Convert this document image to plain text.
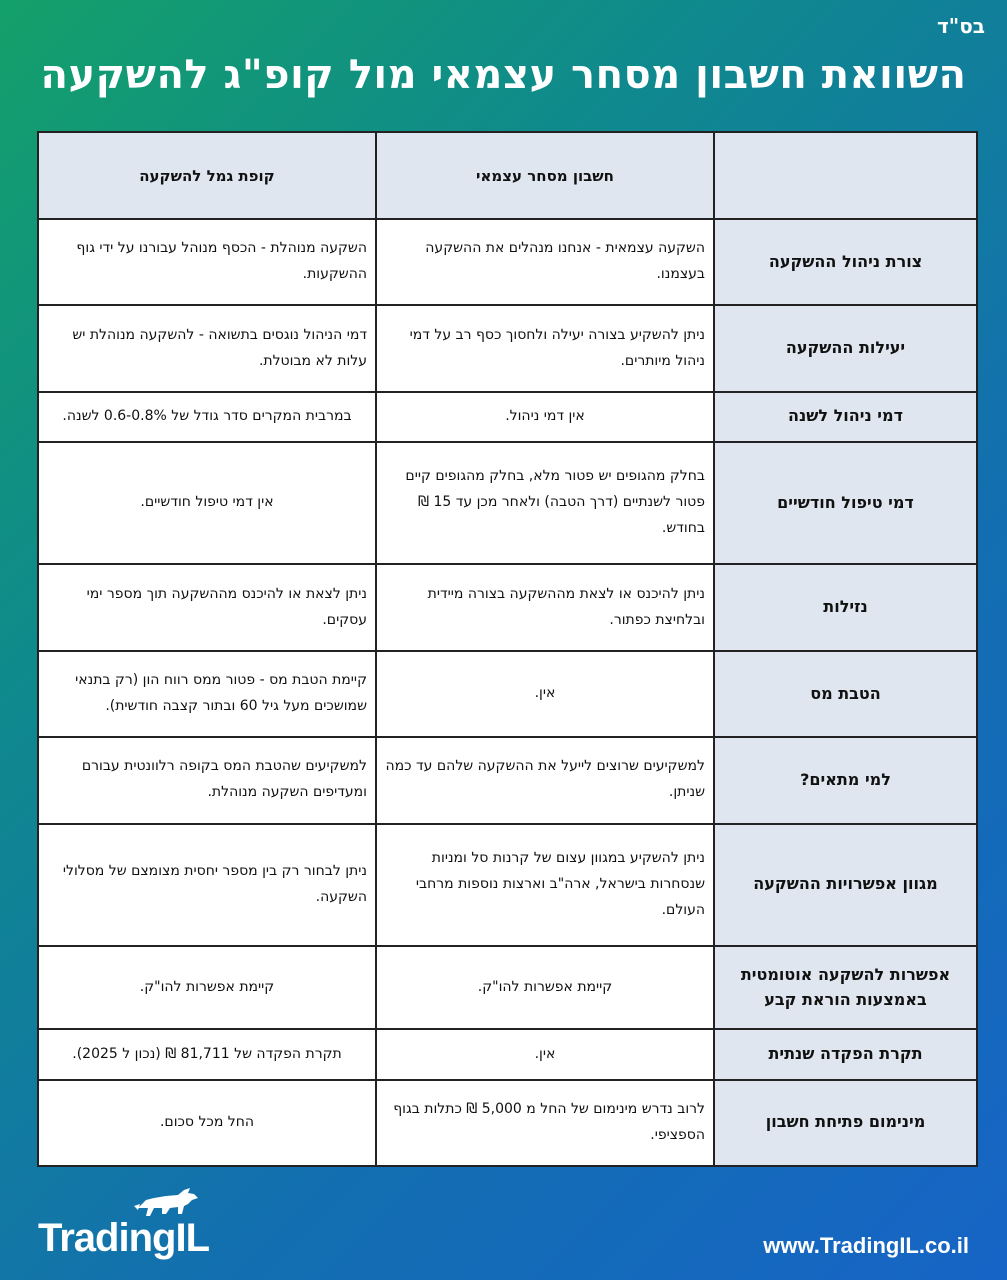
בס"ד
השוואת חשבון מסחר עצמאי מול קופ"ג להשקעה
	חשבון מסחר עצמאי	קופת גמל להשקעה
צורת ניהול ההשקעה	השקעה עצמאית - אנחנו מנהלים את ההשקעה בעצמנו.	השקעה מנוהלת - הכסף מנוהל עבורנו על ידי גוף ההשקעות.
יעילות ההשקעה	ניתן להשקיע בצורה יעילה ולחסוך כסף רב על דמי ניהול מיותרים.	דמי הניהול נוגסים בתשואה - להשקעה מנוהלת יש עלות לא מבוטלת.
דמי ניהול לשנה	אין דמי ניהול.	במרבית המקרים סדר גודל של 0.6-0.8% לשנה.
דמי טיפול חודשיים	בחלק מהגופים יש פטור מלא, בחלק מהגופים קיים פטור לשנתיים (דרך הטבה) ולאחר מכן עד 15 ₪ בחודש.	אין דמי טיפול חודשיים.
נזילות	ניתן להיכנס או לצאת מההשקעה בצורה מיידית ובלחיצת כפתור.	ניתן לצאת או להיכנס מההשקעה תוך מספר ימי עסקים.
הטבת מס	אין.	קיימת הטבת מס - פטור ממס רווח הון (רק בתנאי שמושכים מעל גיל 60 ובתור קצבה חודשית).
למי מתאים?	למשקיעים שרוצים לייעל את ההשקעה שלהם עד כמה שניתן.	למשקיעים שהטבת המס בקופה רלוונטית עבורם ומעדיפים השקעה מנוהלת.
מגוון אפשרויות ההשקעה	ניתן להשקיע במגוון עצום של קרנות סל ומניות שנסחרות בישראל, ארה"ב וארצות נוספות מרחבי העולם.	ניתן לבחור רק בין מספר יחסית מצומצם של מסלולי השקעה.
אפשרות להשקעה אוטומטית באמצעות הוראת קבע	קיימת אפשרות להו"ק.	קיימת אפשרות להו"ק.
תקרת הפקדה שנתית	אין.	תקרת הפקדה של 81,711 ₪ (נכון ל 2025).
מינימום פתיחת חשבון	לרוב נדרש מינימום של החל מ 5,000 ₪ כתלות בגוף הספציפי.	החל מכל סכום.
TradingIL	www.TradingIL.co.il
